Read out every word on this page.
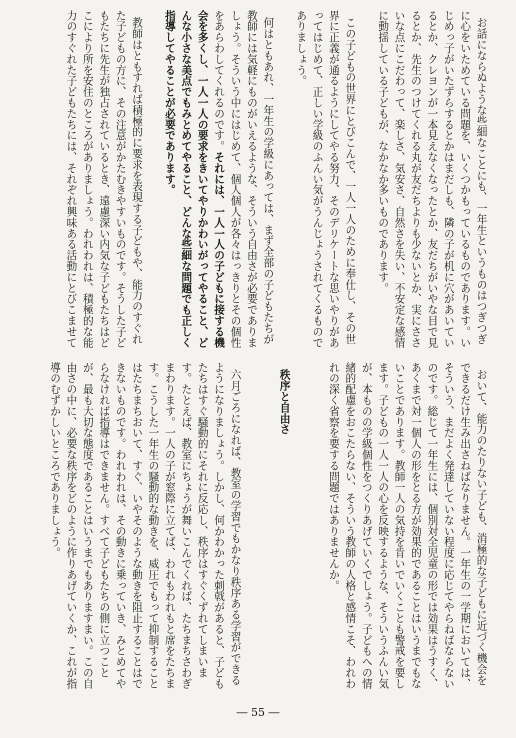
お話にならぬような些細なことにも、一年生というものはつぎつぎに心をいためている問題を、いくつかもっているものであります。いじめっ子がいたずらするとかはまだしも、隣の子が机に穴があいているとか、クレヨンが一本見えなくなったとか、友だちがいやな目で見るとか、先生のつけてくれる丸が友だちよりも少ないとか、実にささいな点にこだわって、楽しさ、気安さ、自然さを失い、不安定な感情に動揺している子どもが、なかなか多いものであります。

この子どもの世界にとびこんで、一人一人のために奉仕し、その世界に正義が通るようにしてやる努力、そのデリケートな思いやりがあってはじめて、正しい学級のふんい気がうんじょうされてくるものでありましょう。

何はともあれ、一年生の学級にあっては、まず全部の子どもたちが教師には気軽にものがいえるような、そういう自由さが必要でありましょう。そういう中にはじめて、個人個人が各々はっきりとその個性をあらわしてくれるのです。それには、一人一人の子どもに接する機会を多くし、一人一人の要求をきいてやりかわいがってやること、どんな小さな美点でもみとめてやること、どんな些細な問題でも正しく指導してやることが必要であります。

教師はともすれば積極的に要求を表現する子どもや、能力のすぐれた子どもの方に、その注意がかたむきやすいものです。そうした子どもたちに先生が独占されているとき、遠慮深い内気な子どもたちはどこにより所を安住のところがありましょう。われわれは、積極的な能力のすぐれた子どもたちには、それぞれ興味ある活動にとびこませて

おいて、能力のたりない子ども、消極的な子どもに近づく機会をできるだけ生み出さねばなりません。一年生の一学期においては、そういう、まだよく発達していない程度に応じてやらねばならないのです。総じて一年生には、個別対全児童の形では効果はうすく、あくまで対一個人の形をとる方が効果的であることはいうまでもないことであります。教師一人の気持を肯いでいくことも警戒を要します。子どもの一人一人の心を反映するような、そういうふんい気が、本ものの学級個性をつくりあげていくでしょう。子どもへの情緒的配慮をおこたらない、そういう教師の人格と感情こそ、われわれの深く省察を要する問題ではありませんか。

秩序と自由さ

六月ごろになれば、教室の学習でもかなり秩序ある学習ができるようになりましょう。しかし、何かわかった刺戟があると、子どもたちはすぐ騒動的にそれに反応し、秩序はすぐくずれてしまいます。たとえば、教室にちょうが舞いこんでくれば、たちまちさわぎまわります。一人の子が窓際に立てば、われもわれもと席をたちます。こうした一年生の騒動的な動きを、威圧でもって抑制することはたちまちおいて、すぐ、いやそのような動きを阻止することはできないものです。われわれは、その動きに乗っていき、みとめてやらなければ指導はできません。すべて子どもたちの側に立つことが、最も大切な態度であることはいうまでもありますまい。この自由さの中に、必要な秩序をどのように作りあげていくか、これが指導のむずかしいところでありましょう。

― 55 ―
